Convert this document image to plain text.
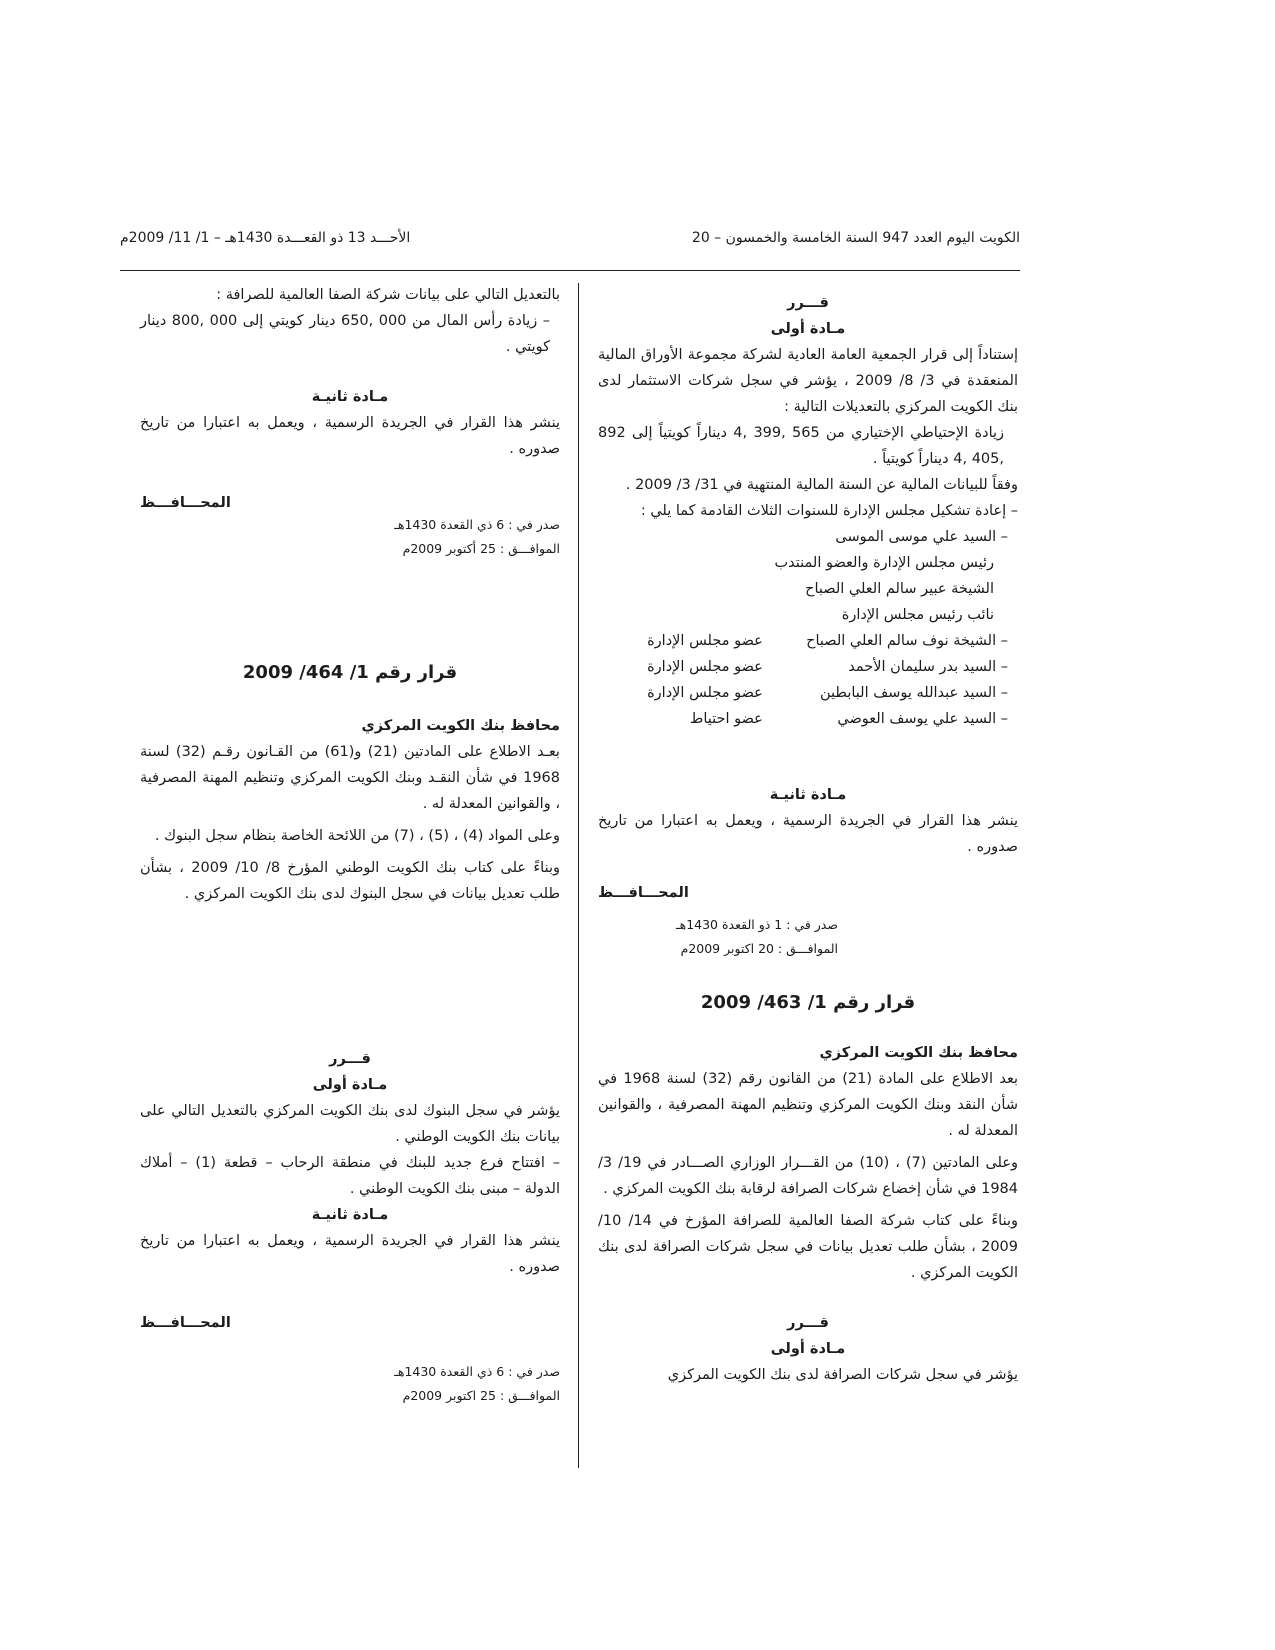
الكويت اليوم العدد 947 السنة الخامسة والخمسون – 20
الأحـــد 13 ذو القعـــدة 1430هـ – 1/ 11/ 2009م

قـــرر

مـادة أولى

إستناداً إلى قرار الجمعية العامة العادية لشركة مجموعة الأوراق المالية المنعقدة في 3/ 8/ 2009 ، يؤشر في سجل شركات الاستثمار لدى بنك الكويت المركزي بالتعديلات التالية :

زيادة الإحتياطي الإختياري من 565 ,399 ,4 ديناراً كويتياً إلى 892 ,405 ,4 ديناراً كويتياً .

وفقاً للبيانات المالية عن السنة المالية المنتهية في 31/ 3/ 2009 .

– إعادة تشكيل مجلس الإدارة للسنوات الثلاث القادمة كما يلي :

– السيد علي موسى الموسى

رئيس مجلس الإدارة والعضو المنتدب

الشيخة عبير سالم العلي الصباح

نائب رئيس مجلس الإدارة

– الشيخة نوف سالم العلي الصباح	عضو مجلس الإدارة
– السيد بدر سليمان الأحمد	عضو مجلس الإدارة
– السيد عبدالله يوسف البابطين	عضو مجلس الإدارة
– السيد علي يوسف العوضي	عضو احتياط

مـادة ثانيـة

ينشر هذا القرار في الجريدة الرسمية ، ويعمل به اعتبارا من تاريخ صدوره .

المحـــافـــظ

صدر في : 1 ذو القعدة 1430هـ

الموافـــق : 20 اكتوبر 2009م

قرار رقم 1/ 463/ 2009

محافظ بنك الكويت المركزي

بعد الاطلاع على المادة (21) من القانون رقم (32) لسنة 1968 في شأن النقد وبنك الكويت المركزي وتنظيم المهنة المصرفية ، والقوانين المعدلة له .

وعلى المادتين (7) ، (10) من القـــرار الوزاري الصـــادر في 19/ 3/ 1984 في شأن إخضاع شركات الصرافة لرقابة بنك الكويت المركزي .

وبناءً على كتاب شركة الصفا العالمية للصرافة المؤرخ في 14/ 10/ 2009 ، بشأن طلب تعديل بيانات في سجل شركات الصرافة لدى بنك الكويت المركزي .

قـــرر

مـادة أولى

يؤشر في سجل شركات الصرافة لدى بنك الكويت المركزي

بالتعديل التالي على بيانات شركة الصفا العالمية للصرافة :

– زيادة رأس المال من 000 ,650 دينار كويتي إلى 000 ,800 دينار كويتي .

مـادة ثانيـة

ينشر هذا القرار في الجريدة الرسمية ، ويعمل به اعتبارا من تاريخ صدوره .

المحـــافـــظ

صدر في : 6 ذي القعدة 1430هـ

الموافـــق : 25 أكتوبر 2009م

قرار رقم 1/ 464/ 2009

محافظ بنك الكويت المركزي

بعـد الاطلاع على المادتين (21) و(61) من القـانون رقـم (32) لسنة 1968 في شأن النقـد وبنك الكويت المركزي وتنظيم المهنة المصرفية ، والقوانين المعدلة له .

وعلى المواد (4) ، (5) ، (7) من اللائحة الخاصة بنظام سجل البنوك .

وبناءً على كتاب بنك الكويت الوطني المؤرخ 8/ 10/ 2009 ، بشأن طلب تعديل بيانات في سجل البنوك لدى بنك الكويت المركزي .

قـــرر

مـادة أولى

يؤشر في سجل البنوك لدى بنك الكويت المركزي بالتعديل التالي على بيانات بنك الكويت الوطني .

– افتتاح فرع جديد للبنك في منطقة الرحاب – قطعة (1) – أملاك الدولة – مبنى بنك الكويت الوطني .

مـادة ثانيـة

ينشر هذا القرار في الجريدة الرسمية ، ويعمل به اعتبارا من تاريخ صدوره .

المحـــافـــظ

صدر في : 6 ذي القعدة 1430هـ

الموافـــق : 25 اكتوبر 2009م
